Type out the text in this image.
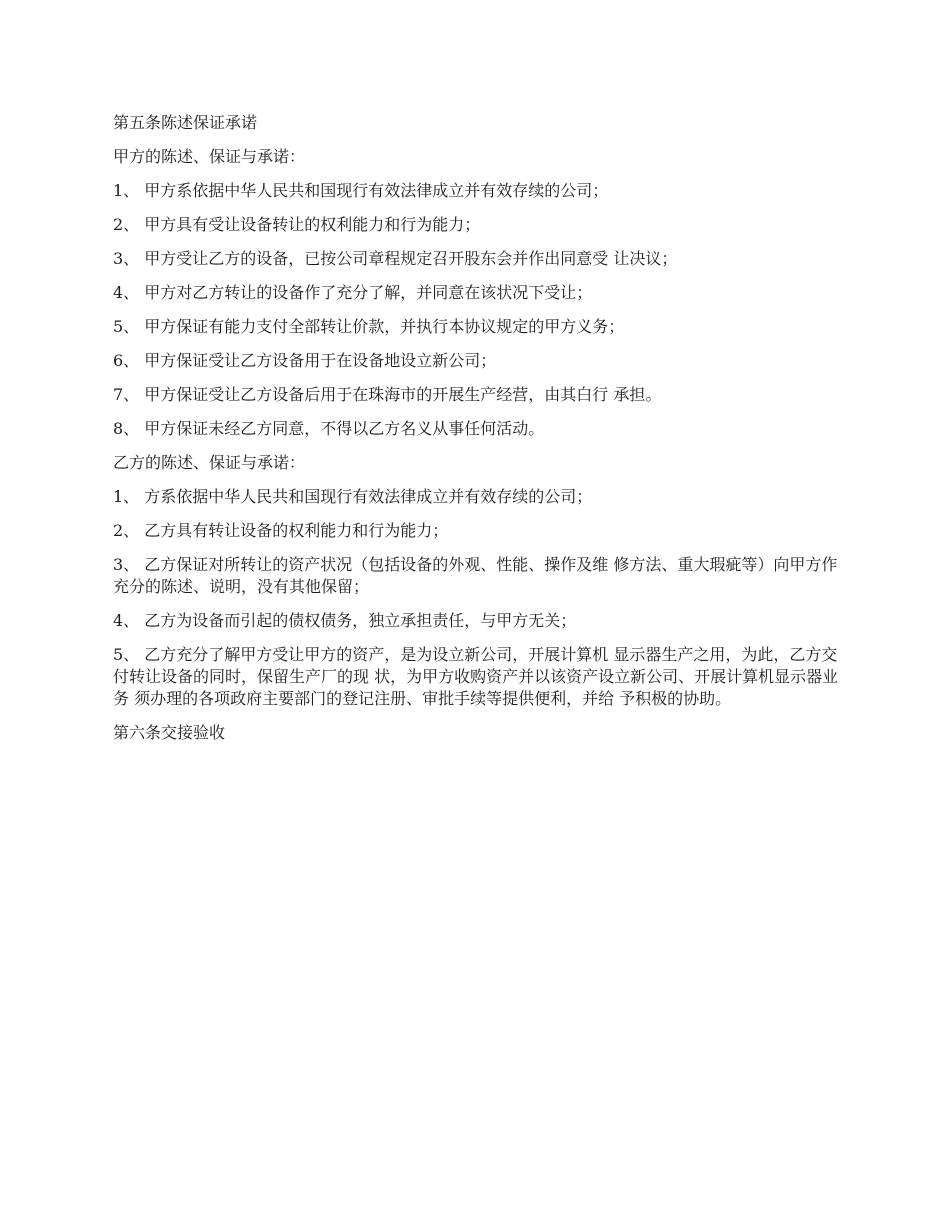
第五条陈述保证承诺

甲方的陈述、保证与承诺：

1、 甲方系依据中华人民共和国现行有效法律成立并有效存续的公司；

2、 甲方具有受让设备转让的权利能力和行为能力；

3、 甲方受让乙方的设备，已按公司章程规定召开股东会并作出同意受 让决议；

4、 甲方对乙方转让的设备作了充分了解，并同意在该状况下受让；

5、 甲方保证有能力支付全部转让价款，并执行本协议规定的甲方义务；

6、 甲方保证受让乙方设备用于在设备地设立新公司；

7、 甲方保证受让乙方设备后用于在珠海市的开展生产经营，由其白行 承担。

8、 甲方保证未经乙方同意，不得以乙方名义从事任何活动。

乙方的陈述、保证与承诺：

1、 方系依据中华人民共和国现行有效法律成立并有效存续的公司；

2、 乙方具有转让设备的权利能力和行为能力；

3、 乙方保证对所转让的资产状况（包括设备的外观、性能、操作及维 修方法、重大瑕疵等）向甲方作充分的陈述、说明，没有其他保留；

4、 乙方为设备而引起的债权债务，独立承担责任，与甲方无关；

5、 乙方充分了解甲方受让甲方的资产，是为设立新公司，开展计算机 显示器生产之用，为此，乙方交付转让设备的同时，保留生产厂的现 状，为甲方收购资产并以该资产设立新公司、开展计算机显示器业务 须办理的各项政府主要部门的登记注册、审批手续等提供便利，并给 予积极的协助。

第六条交接验收
